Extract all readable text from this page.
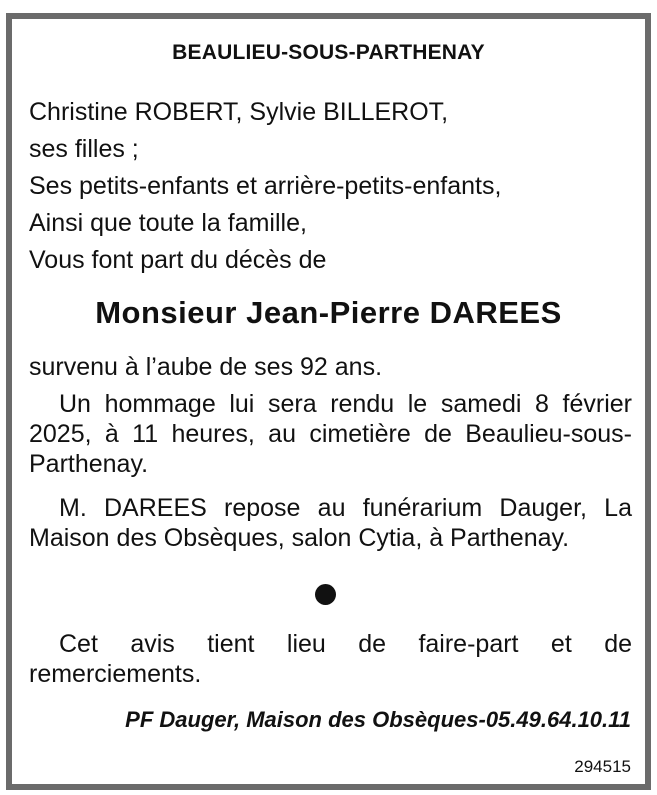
BEAULIEU-SOUS-PARTHENAY
Christine ROBERT, Sylvie BILLEROT,
ses filles ;
Ses petits-enfants et arrière-petits-enfants,
Ainsi que toute la famille,
Vous font part du décès de
Monsieur Jean-Pierre DAREES
survenu à l’aube de ses 92 ans.
Un hommage lui sera rendu le samedi 8 février 2025, à 11 heures, au cimetière de Beaulieu-sous-Parthenay.
M. DAREES repose au funérarium Dauger, La Maison des Obsèques, salon Cytia, à Parthenay.
Cet avis tient lieu de faire-part et de remerciements.
PF Dauger, Maison des Obsèques-05.49.64.10.11
294515
